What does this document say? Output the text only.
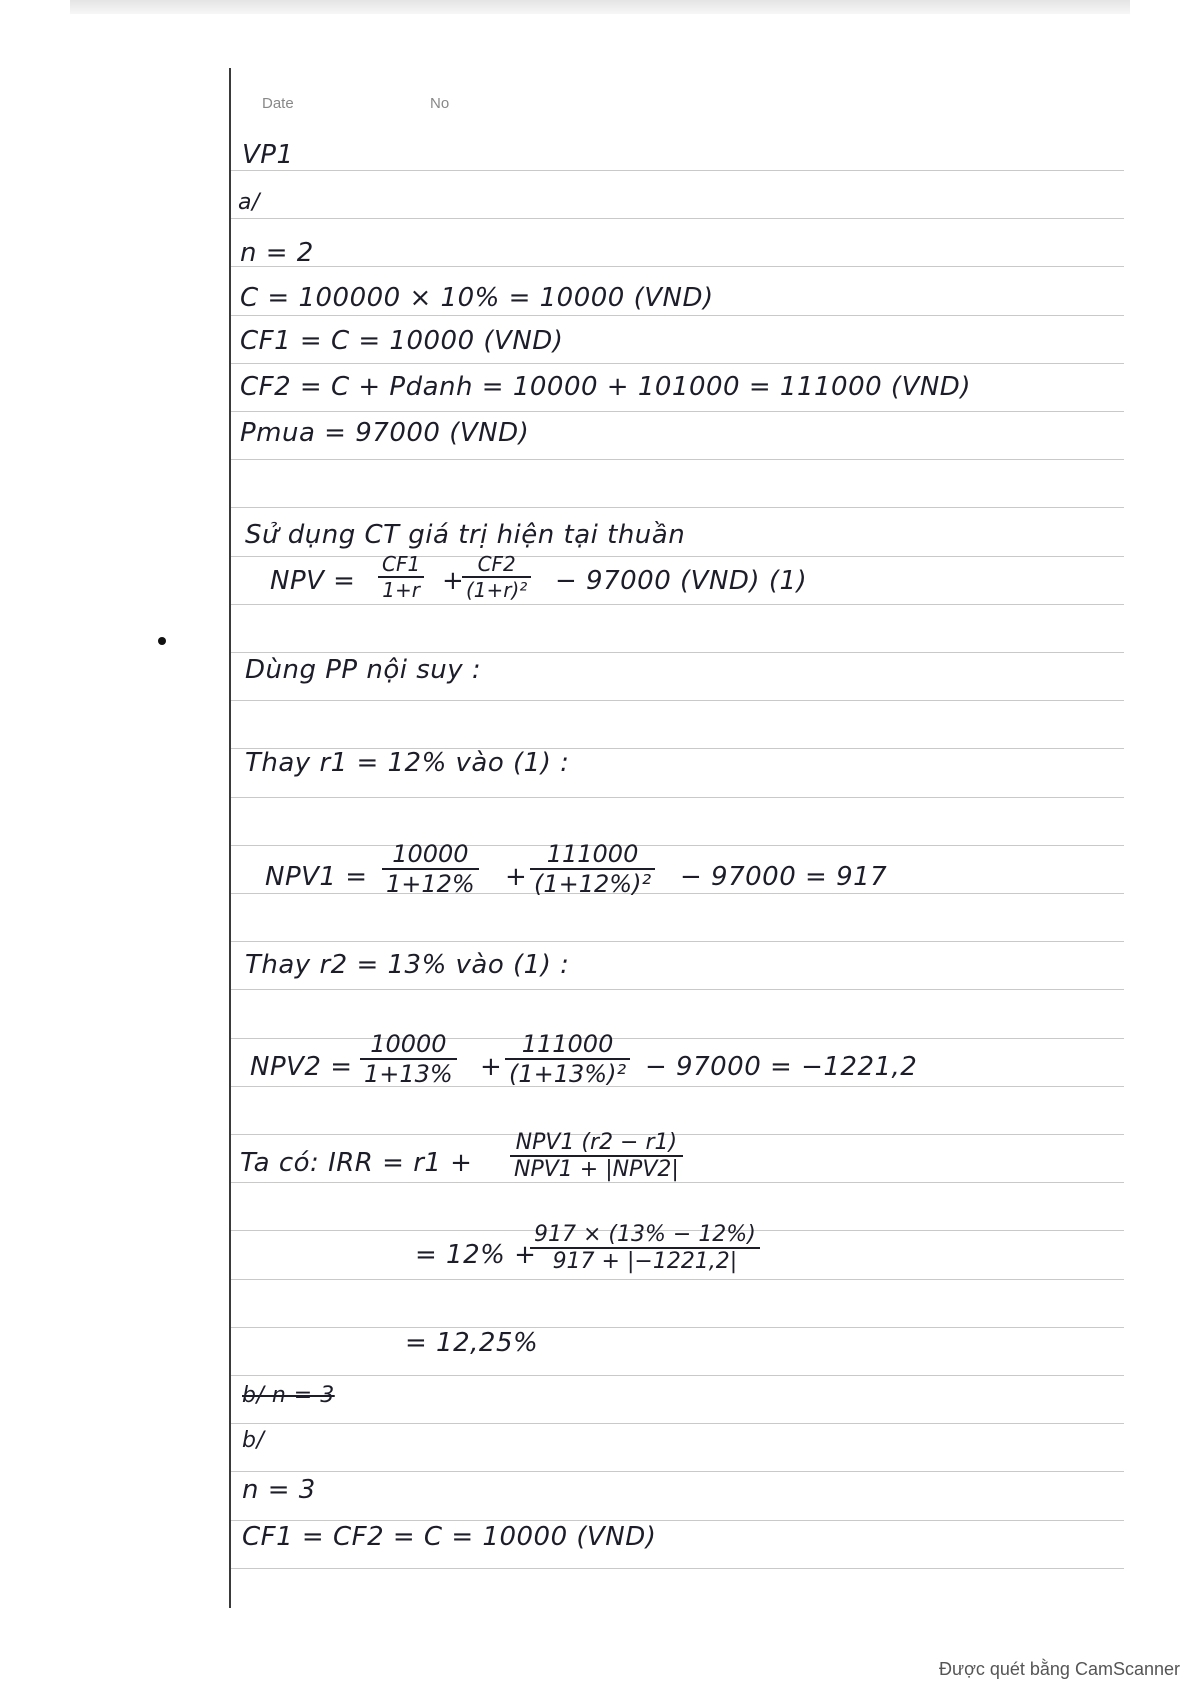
Date	No
VP1
a/
n = 2
C = 100000 × 10% = 10000 (VND)
CF1 = C = 10000 (VND)
CF2 = C + Pdanh = 10000 + 101000 = 111000 (VND)
Pmua = 97000 (VND)
Sử dụng CT giá trị hiện tại thuần
NPV = $\frac{CF1}{1+r}$ +
$\frac{CF2}{\text{(1+r)²}} - 97000$ (VND) (1)
Dùng PP nội suy :
Thay r1 = 12% vào (1) :
$NPV1 = \frac{10000}{1+12\%} + \frac{111000}{\text{(1+12\%)²}} - 97000 = 917$
Thay r2 = 13% vào (1) :
$NPV2 = \frac{10000}{1+13\%} + \frac{111000}{\text{(1+13\%)²}} - 97000 = -1221,2$
Ta có: IRR = r1 +
NPV1 (r2 − r1)
NPV1 + |NPV2|
= 12% +
$\frac{917 \times (13\% - 12\%)}{917 + |-1221,2|}$
= 12,25%
b/ n = 3
b/
n = 3
CF1 = CF2 = C = 10000 (VND)
Được quét bằng CamScanner
